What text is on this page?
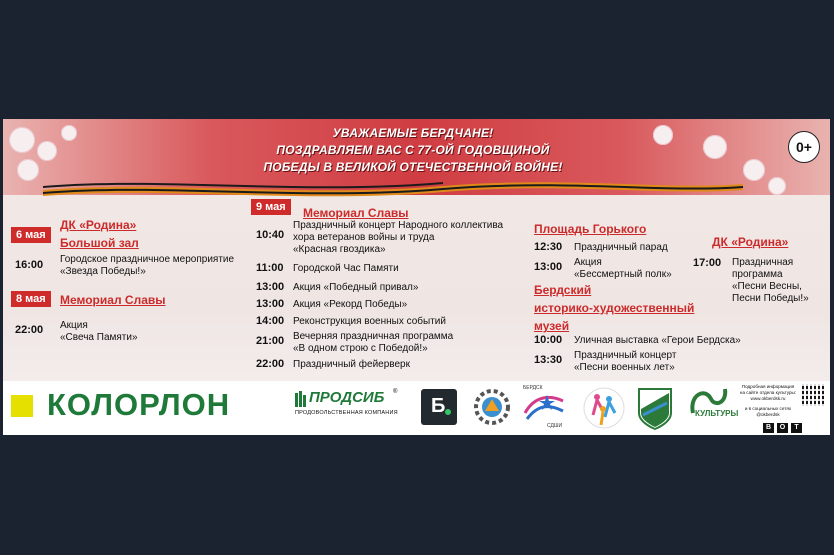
УВАЖАЕМЫЕ БЕРДЧАНЕ!
ПОЗДРАВЛЯЕМ ВАС С 77-ОЙ ГОДОВЩИНОЙ
ПОБЕДЫ В ВЕЛИКОЙ ОТЕЧЕСТВЕННОЙ ВОЙНЕ!
0+
6 мая
ДК «Родина»
Большой зал
16:00 Городское праздничное мероприятие
«Звезда Победы!»
8 мая	Мемориал Славы
22:00 Акция
«Свеча Памяти»
9 мая	Мемориал Славы
10:40
Праздничный концерт Народного коллектива
хора ветеранов войны и труда
«Красная гвоздика»
11:00 Городской Час Памяти
13:00 Акция «Победный привал»
13:00 Акция «Рекорд Победы»
14:00 Реконструкция военных событий
21:00 Вечерняя праздничная программа
«В одном строю с Победой!»
22:00 Праздничный фейерверк
Площадь Горького
12:30 Праздничный парад
13:00 Акция
«Бессмертный полк»
Бердский
историко-художественный
музей
10:00 Уличная выставка «Герои Бердска»
13:30 Праздничный концерт
«Песни военных лет»
ДК «Родина»
17:00 Праздничная
программа
«Песни Весны,
Песни Победы!»
КОЛОРЛОН	ПРОДСИБ ®
ПРОДОВОЛЬСТВЕННАЯ КОМПАНИЯ Б
БЕРДСК
СДШИ
КУЛЬТУРЫ
Подробная информация
на сайте отдела культуры:
www.okberdsk.ru
и в социальных сетях @okberdsk
В	О	Т
